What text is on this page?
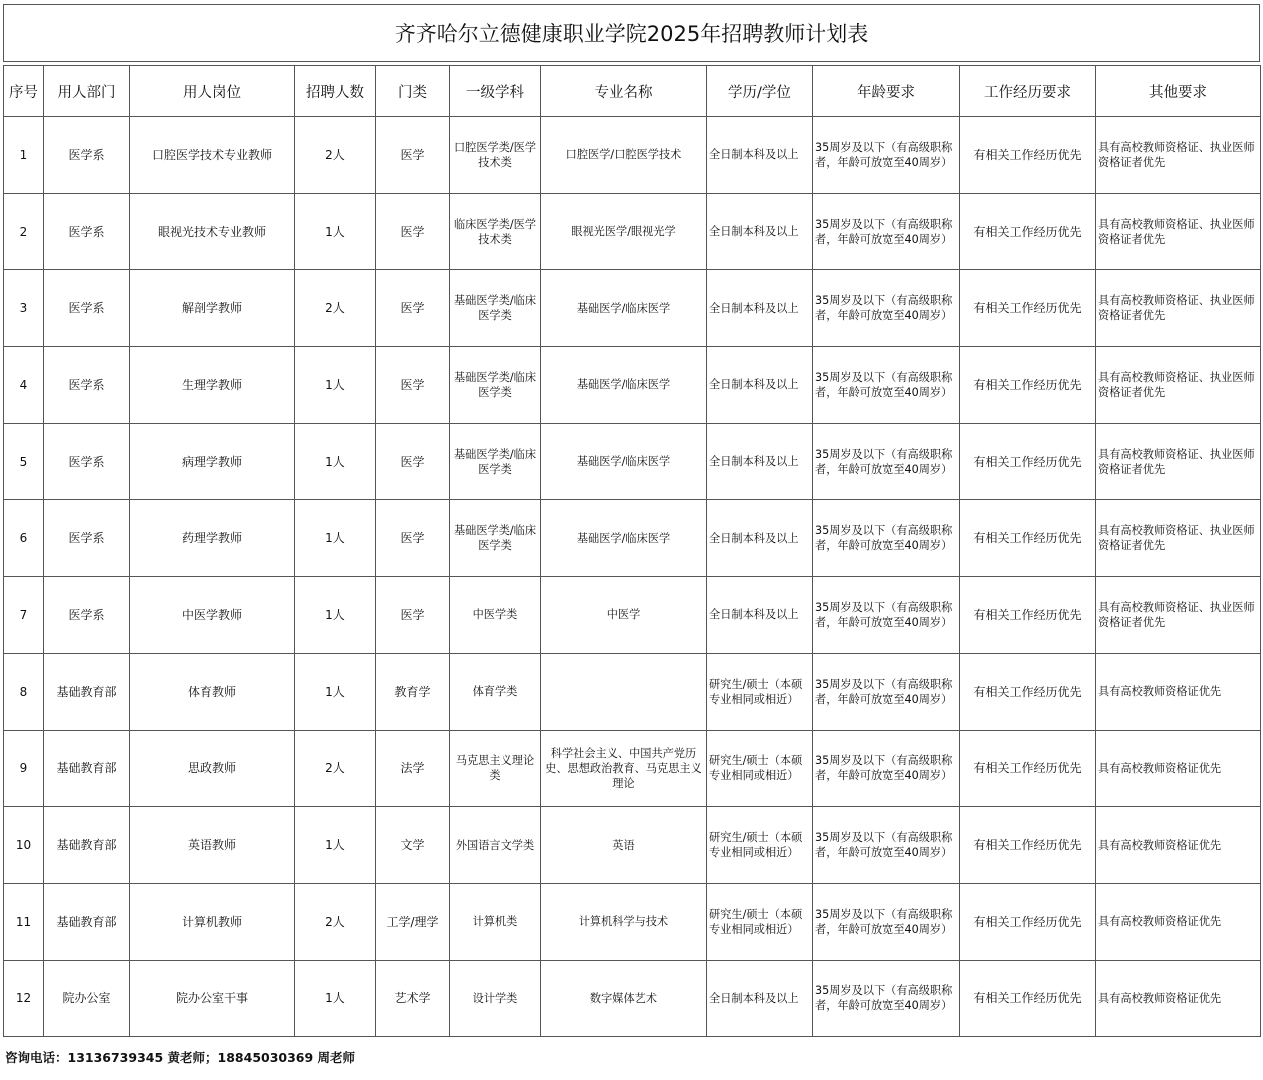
齐齐哈尔立德健康职业学院2025年招聘教师计划表
序号	用人部门	用人岗位	招聘人数	门类	一级学科	专业名称	学历/学位	年龄要求	工作经历要求	其他要求
1	医学系	口腔医学技术专业教师	2人	医学	口腔医学类/医学技术类	口腔医学/口腔医学技术	全日制本科及以上	35周岁及以下（有高级职称者，年龄可放宽至40周岁）	有相关工作经历优先	具有高校教师资格证、执业医师资格证者优先
2	医学系	眼视光技术专业教师	1人	医学	临床医学类/医学技术类	眼视光医学/眼视光学	全日制本科及以上	35周岁及以下（有高级职称者，年龄可放宽至40周岁）	有相关工作经历优先	具有高校教师资格证、执业医师资格证者优先
3	医学系	解剖学教师	2人	医学	基础医学类/临床医学类	基础医学/临床医学	全日制本科及以上	35周岁及以下（有高级职称者，年龄可放宽至40周岁）	有相关工作经历优先	具有高校教师资格证、执业医师资格证者优先
4	医学系	生理学教师	1人	医学	基础医学类/临床医学类	基础医学/临床医学	全日制本科及以上	35周岁及以下（有高级职称者，年龄可放宽至40周岁）	有相关工作经历优先	具有高校教师资格证、执业医师资格证者优先
5	医学系	病理学教师	1人	医学	基础医学类/临床医学类	基础医学/临床医学	全日制本科及以上	35周岁及以下（有高级职称者，年龄可放宽至40周岁）	有相关工作经历优先	具有高校教师资格证、执业医师资格证者优先
6	医学系	药理学教师	1人	医学	基础医学类/临床医学类	基础医学/临床医学	全日制本科及以上	35周岁及以下（有高级职称者，年龄可放宽至40周岁）	有相关工作经历优先	具有高校教师资格证、执业医师资格证者优先
7	医学系	中医学教师	1人	医学	中医学类	中医学	全日制本科及以上	35周岁及以下（有高级职称者，年龄可放宽至40周岁）	有相关工作经历优先	具有高校教师资格证、执业医师资格证者优先
8	基础教育部	体育教师	1人	教育学	体育学类		研究生/硕士（本硕专业相同或相近）	35周岁及以下（有高级职称者，年龄可放宽至40周岁）	有相关工作经历优先	具有高校教师资格证优先
9	基础教育部	思政教师	2人	法学	马克思主义理论类	科学社会主义、中国共产党历史、思想政治教育、马克思主义理论	研究生/硕士（本硕专业相同或相近）	35周岁及以下（有高级职称者，年龄可放宽至40周岁）	有相关工作经历优先	具有高校教师资格证优先
10	基础教育部	英语教师	1人	文学	外国语言文学类	英语	研究生/硕士（本硕专业相同或相近）	35周岁及以下（有高级职称者，年龄可放宽至40周岁）	有相关工作经历优先	具有高校教师资格证优先
11	基础教育部	计算机教师	2人	工学/理学	计算机类	计算机科学与技术	研究生/硕士（本硕专业相同或相近）	35周岁及以下（有高级职称者，年龄可放宽至40周岁）	有相关工作经历优先	具有高校教师资格证优先
12	院办公室	院办公室干事	1人	艺术学	设计学类	数字媒体艺术	全日制本科及以上	35周岁及以下（有高级职称者，年龄可放宽至40周岁）	有相关工作经历优先	具有高校教师资格证优先
咨询电话：13136739345 黄老师；18845030369 周老师
